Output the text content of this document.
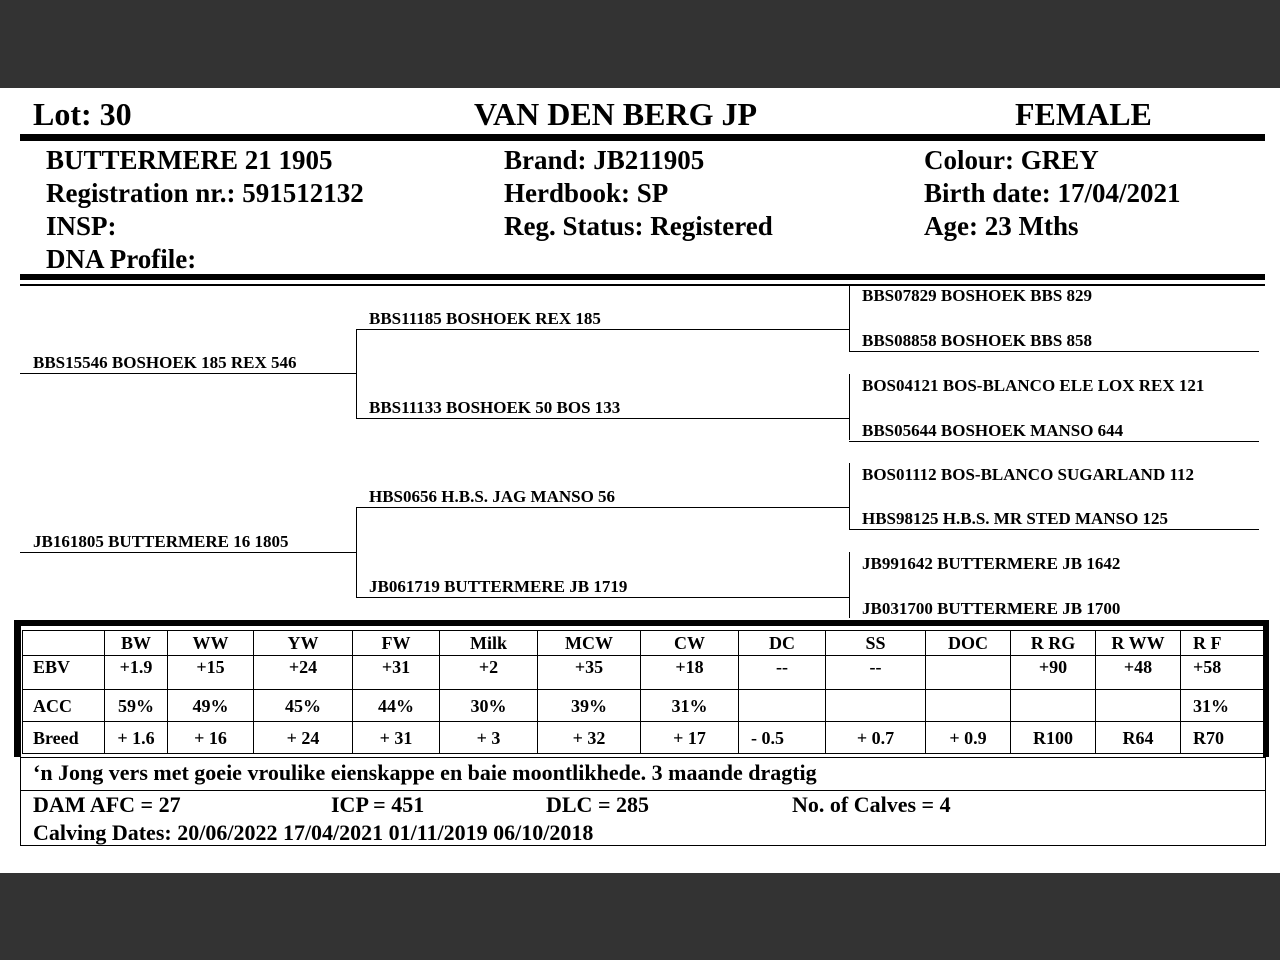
Lot: 30	VAN DEN BERG JP	FEMALE
BUTTERMERE 21 1905
Registration nr.: 591512132
INSP:
DNA Profile:
Brand: JB211905
Herdbook: SP
Reg. Status: Registered
Colour: GREY
Birth date: 17/04/2021
Age: 23 Mths
BBS15546 BOSHOEK 185 REX 546
JB161805 BUTTERMERE 16 1805
BBS11185 BOSHOEK REX 185
BBS11133 BOSHOEK 50 BOS 133
HBS0656 H.B.S. JAG MANSO 56
JB061719 BUTTERMERE JB 1719
BBS07829 BOSHOEK BBS 829
BBS08858 BOSHOEK BBS 858
BOS04121 BOS-BLANCO ELE LOX REX 121
BBS05644 BOSHOEK MANSO 644
BOS01112 BOS-BLANCO SUGARLAND 112
HBS98125 H.B.S. MR STED MANSO 125
JB991642 BUTTERMERE JB 1642
JB031700 BUTTERMERE JB 1700
	BW	WW	YW	FW	Milk	MCW	CW	DC	SS	DOC	R RG	R WW	R F
EBV	+1.9	+15	+24	+31	+2	+35	+18	--	--		+90	+48	+58
ACC	59%	49%	45%	44%	30%	39%	31%						31%
Breed	+ 1.6	+ 16	+ 24	+ 31	+ 3	+ 32	+ 17	- 0.5	+ 0.7	+ 0.9	R100	R64	R70
‘n Jong vers met goeie vroulike eienskappe en baie moontlikhede. 3 maande dragtig
DAM AFC = 27	ICP = 451	DLC = 285	No. of Calves = 4
Calving Dates: 20/06/2022 17/04/2021 01/11/2019 06/10/2018
